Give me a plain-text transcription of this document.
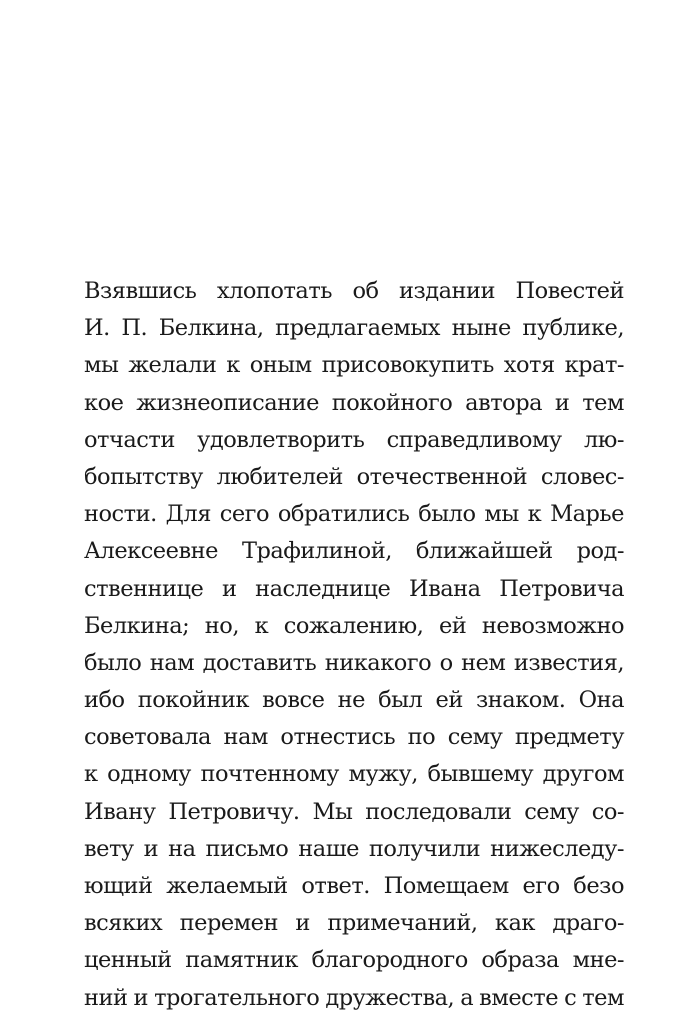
Взявшись хлопотать об издании Повестей
И. П. Белкина, предлагаемых ныне публике,
мы желали к оным присовокупить хотя крат-
кое жизнеописание покойного автора и тем
отчасти удовлетворить справедливому лю-
бопытству любителей отечественной словес-
ности. Для сего обратились было мы к Марье
Алексеевне Трафилиной, ближайшей род-
ственнице и наследнице Ивана Петровича
Белкина; но, к сожалению, ей невозможно
было нам доставить никакого о нем известия,
ибо покойник вовсе не был ей знаком. Она
советовала нам отнестись по сему предмету
к одному почтенному мужу, бывшему другом
Ивану Петровичу. Мы последовали сему со-
вету и на письмо наше получили нижеследу-
ющий желаемый ответ. Помещаем его безо
всяких перемен и примечаний, как драго-
ценный памятник благородного образа мне-
ний и трогательного дружества, а вместе с тем
